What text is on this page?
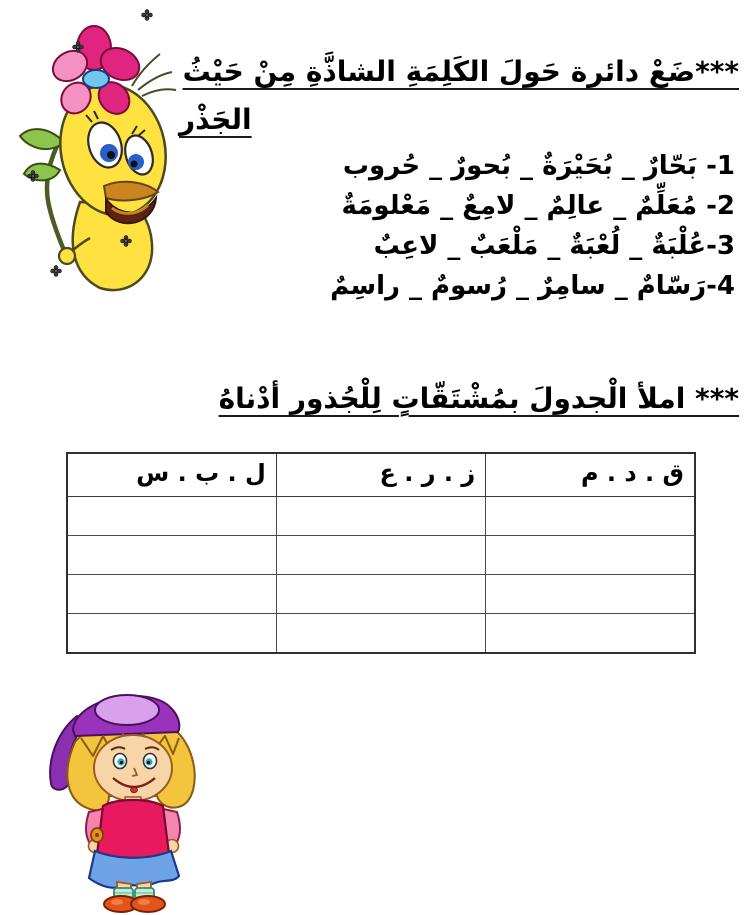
***ضَعْ دائرة حَولَ الكَلِمَةِ الشاذَّةِ مِنْ حَيْثُ
الجَذْر
1- بَحّارٌ _ بُحَيْرَةٌ _ بُحورٌ _ حُروب
2- مُعَلِّمٌ _ عالِمٌ _ لامِعٌ _ مَعْلومَةٌ
3-عُلْبَةٌ _ لُعْبَةٌ _ مَلْعَبٌ _ لاعِبٌ
4-رَسّامٌ _ سامِرٌ _ رُسومٌ _ راسِمٌ
*** املأ الْجدولَ بمُشْتَقّاتٍ لِلْجُذور أدْناهُ
ق . د . م	ز . ر . ع	ل . ب . س
